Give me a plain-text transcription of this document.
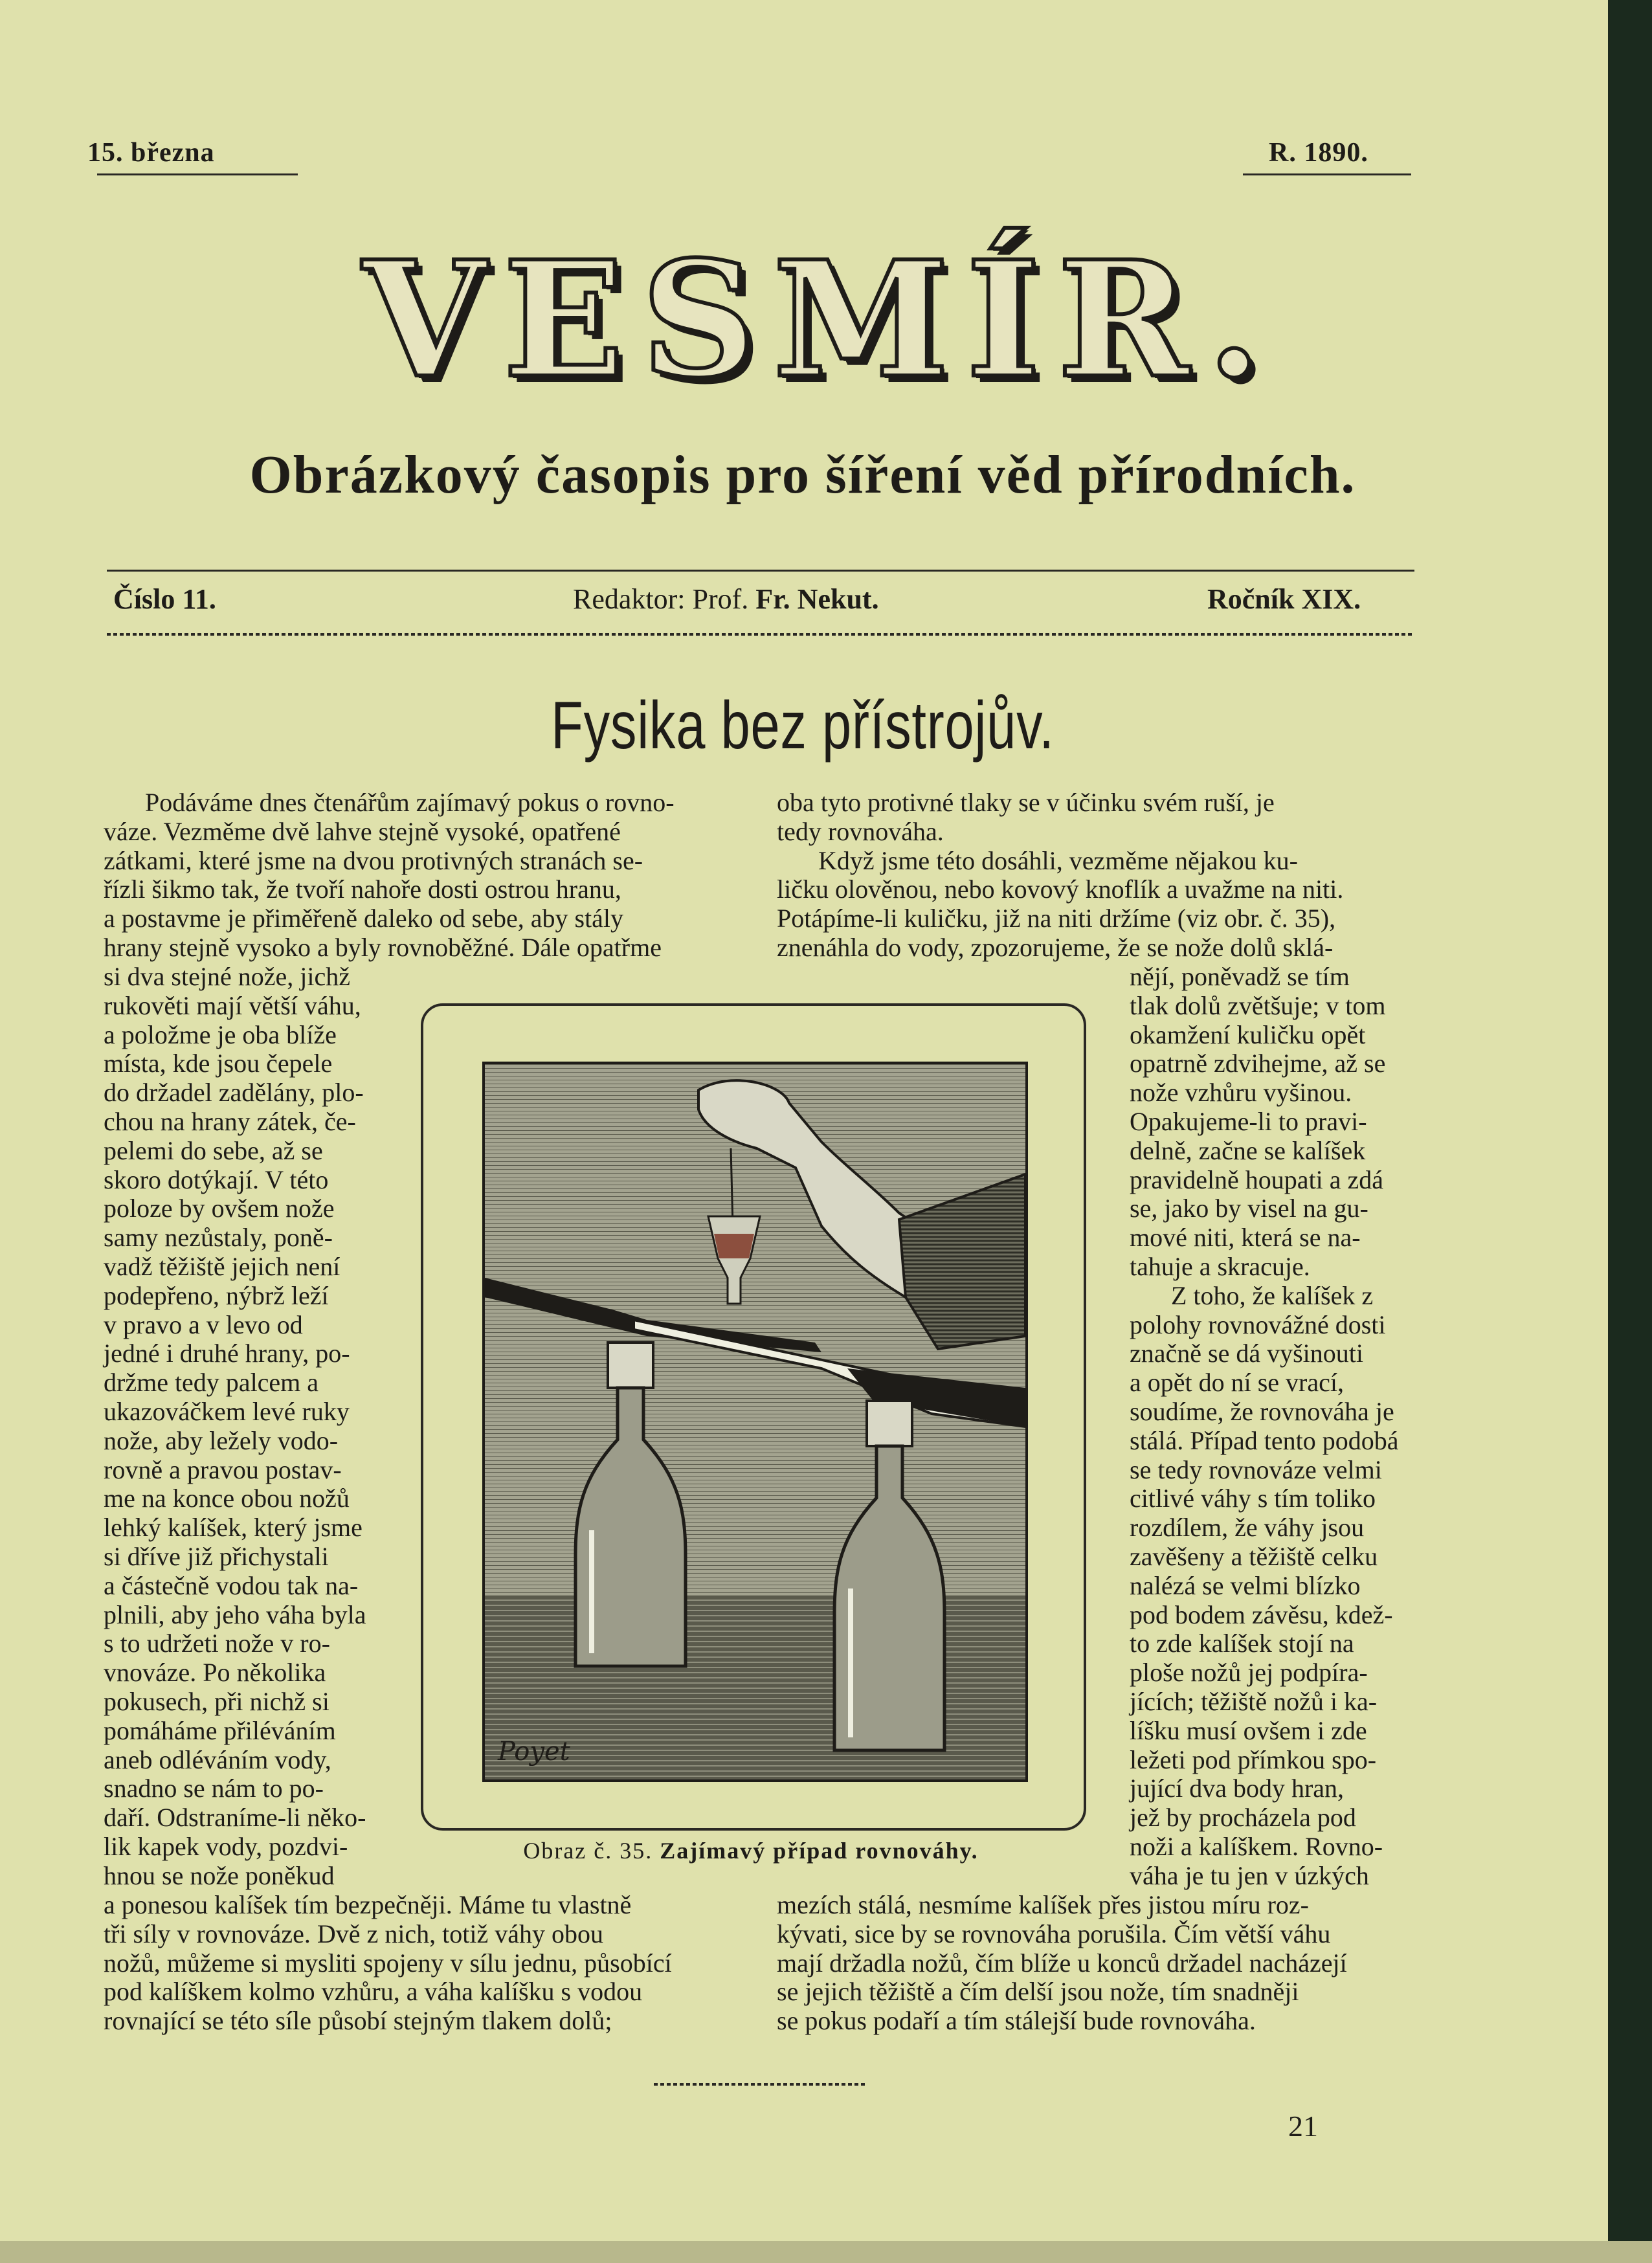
15. března	R. 1890.
VESMÍR.
Obrázkový časopis pro šíření věd přírodních.
Číslo 11.	Redaktor: Prof. Fr. Nekut.	Ročník XIX.
Fysika bez přístrojův.
Podáváme dnes čtenářům zajímavý pokus o rovno-
váze. Vezměme dvě lahve stejně vysoké, opatřené
zátkami, které jsme na dvou protivných stranách se-
řízli šikmo tak, že tvoří nahoře dosti ostrou hranu,
a postavme je přiměřeně daleko od sebe, aby stály
hrany stejně vysoko a byly rovnoběžné. Dále opatřme
si dva stejné nože, jichž
rukověti mají větší váhu,
a položme je oba blíže
místa, kde jsou čepele
do držadel zadělány, plo-
chou na hrany zátek, če-
pelemi do sebe, až se
skoro dotýkají. V této
poloze by ovšem nože
samy nezůstaly, poně-
vadž těžiště jejich není
podepřeno, nýbrž leží
v pravo a v levo od
jedné i druhé hrany, po-
držme tedy palcem a
ukazováčkem levé ruky
nože, aby ležely vodo-
rovně a pravou postav-
me na konce obou nožů
lehký kalíšek, který jsme
si dříve již přichystali
a částečně vodou tak na-
plnili, aby jeho váha byla
s to udržeti nože v ro-
vnováze. Po několika
pokusech, při nichž si
pomáháme přiléváním
aneb odléváním vody,
snadno se nám to po-
daří. Odstraníme-li něko-
lik kapek vody, pozdvi-
hnou se nože poněkud
a ponesou kalíšek tím bezpečněji. Máme tu vlastně
tři síly v rovnováze. Dvě z nich, totiž váhy obou
nožů, můžeme si mysliti spojeny v sílu jednu, působící
pod kalíškem kolmo vzhůru, a váha kalíšku s vodou
rovnající se této síle působí stejným tlakem dolů;
oba tyto protivné tlaky se v účinku svém ruší, je
tedy rovnováha.
Když jsme této dosáhli, vezměme nějakou ku-
ličku olověnou, nebo kovový knoflík a uvažme na niti.
Potápíme-li kuličku, již na niti držíme (viz obr. č. 35),
znenáhla do vody, zpozorujeme, že se nože dolů sklá-
nějí, poněvadž se tím
tlak dolů zvětšuje; v tom
okamžení kuličku opět
opatrně zdvihejme, až se
nože vzhůru vyšinou.
Opakujeme-li to pravi-
delně, začne se kalíšek
pravidelně houpati a zdá
se, jako by visel na gu-
mové niti, která se na-
tahuje a skracuje.
Z toho, že kalíšek z
polohy rovnovážné dosti
značně se dá vyšinouti
a opět do ní se vrací,
soudíme, že rovnováha je
stálá. Případ tento podobá
se tedy rovnováze velmi
citlivé váhy s tím toliko
rozdílem, že váhy jsou
zavěšeny a těžiště celku
nalézá se velmi blízko
pod bodem závěsu, kdež-
to zde kalíšek stojí na
ploše nožů jej podpíra-
jících; těžiště nožů i ka-
líšku musí ovšem i zde
ležeti pod přímkou spo-
jující dva body hran,
jež by procházela pod
noži a kalíškem. Rovno-
váha je tu jen v úzkých
mezích stálá, nesmíme kalíšek přes jistou míru roz-
kývati, sice by se rovnováha porušila. Čím větší váhu
mají držadla nožů, čím blíže u konců držadel nacházejí
se jejich těžiště a čím delší jsou nože, tím snadněji
se pokus podaří a tím stálejší bude rovnováha.
Poyet
Obraz č. 35. Zajímavý případ rovnováhy.
21
